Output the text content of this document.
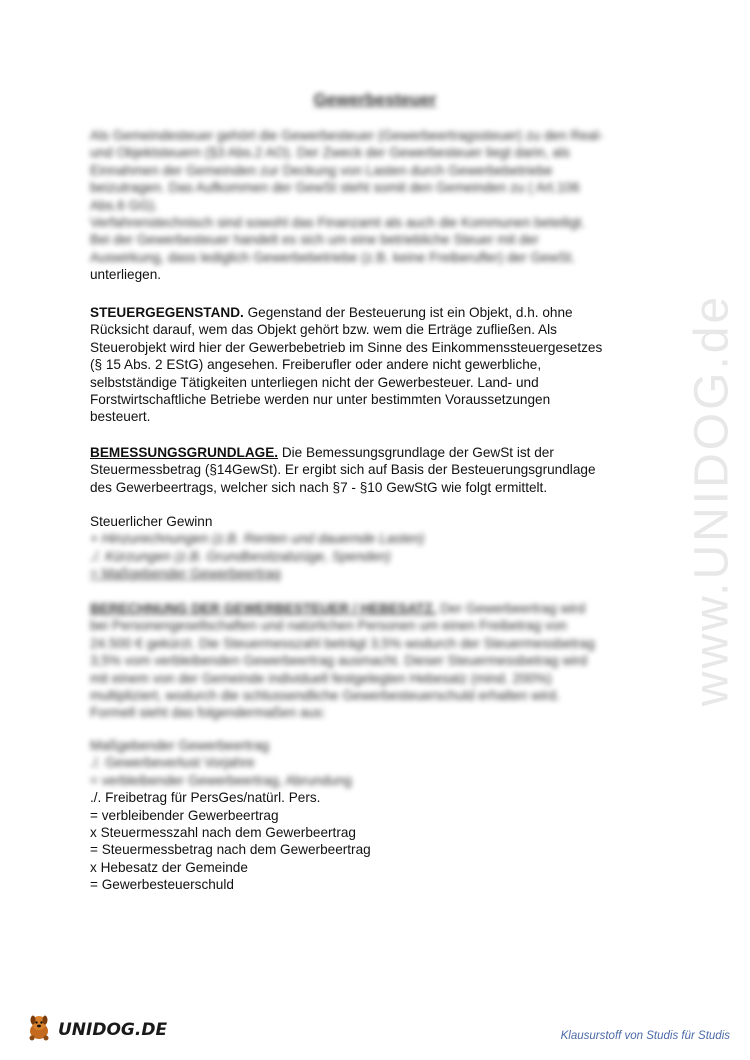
www.UNIDOG.de
Gewerbesteuer
Als Gemeindesteuer gehört die Gewerbesteuer (Gewerbeertragssteuer) zu den Real-
und Objektsteuern (§3 Abs.2 AO). Der Zweck der Gewerbesteuer liegt darin, als
Einnahmen der Gemeinden zur Deckung von Lasten durch Gewerbebetriebe
beizutragen. Das Aufkommen der GewSt steht somit den Gemeinden zu ( Art.106
Abs.6 GG).
Verfahrenstechnisch sind sowohl das Finanzamt als auch die Kommunen beteiligt.
Bei der Gewerbesteuer handelt es sich um eine betriebliche Steuer mit der
Auswirkung, dass lediglich Gewerbebetriebe (z.B. keine Freiberufler) der GewSt.
unterliegen.
STEUERGEGENSTAND. Gegenstand der Besteuerung ist ein Objekt, d.h. ohne
Rücksicht darauf, wem das Objekt gehört bzw. wem die Erträge zufließen. Als
Steuerobjekt wird hier der Gewerbebetrieb im Sinne des Einkommenssteuergesetzes
(§ 15 Abs. 2 EStG) angesehen. Freiberufler oder andere nicht gewerbliche,
selbstständige Tätigkeiten unterliegen nicht der Gewerbesteuer. Land- und
Forstwirtschaftliche Betriebe werden nur unter bestimmten Voraussetzungen
besteuert.
BEMESSUNGSGRUNDLAGE. Die Bemessungsgrundlage der GewSt ist der
Steuermessbetrag (§14GewSt). Er ergibt sich auf Basis der Besteuerungsgrundlage
des Gewerbeertrags, welcher sich nach §7 - §10 GewStG wie folgt ermittelt.
Steuerlicher Gewinn
+ Hinzurechnungen (z.B. Renten und dauernde Lasten)
./. Kürzungen (z.B. Grundbesitzabzüge, Spenden)
= Maßgebender Gewerbeertrag
BERECHNUNG DER GEWERBESTEUER / HEBESATZ. Der Gewerbeertrag wird
bei Personengesellschaften und natürlichen Personen um einen Freibetrag von
24.500 € gekürzt. Die Steuermesszahl beträgt 3,5% wodurch der Steuermessbetrag
3,5% vom verbleibenden Gewerbeertrag ausmacht. Dieser Steuermessbetrag wird
mit einem von der Gemeinde individuell festgelegten Hebesatz (mind. 200%)
multipliziert, wodurch die schlussendliche Gewerbesteuerschuld erhalten wird.
Formell sieht das folgendermaßen aus:
Maßgebender Gewerbeertrag
./. Gewerbeverlust Vorjahre
= verbleibender Gewerbeertrag, Abrundung
./. Freibetrag für PersGes/natürl. Pers.
= verbleibender Gewerbeertrag
x Steuermesszahl nach dem Gewerbeertrag
= Steuermessbetrag nach dem Gewerbeertrag
x Hebesatz der Gemeinde
= Gewerbesteuerschuld
UNIDOG.DE	Klausurstoff von Studis für Studis
